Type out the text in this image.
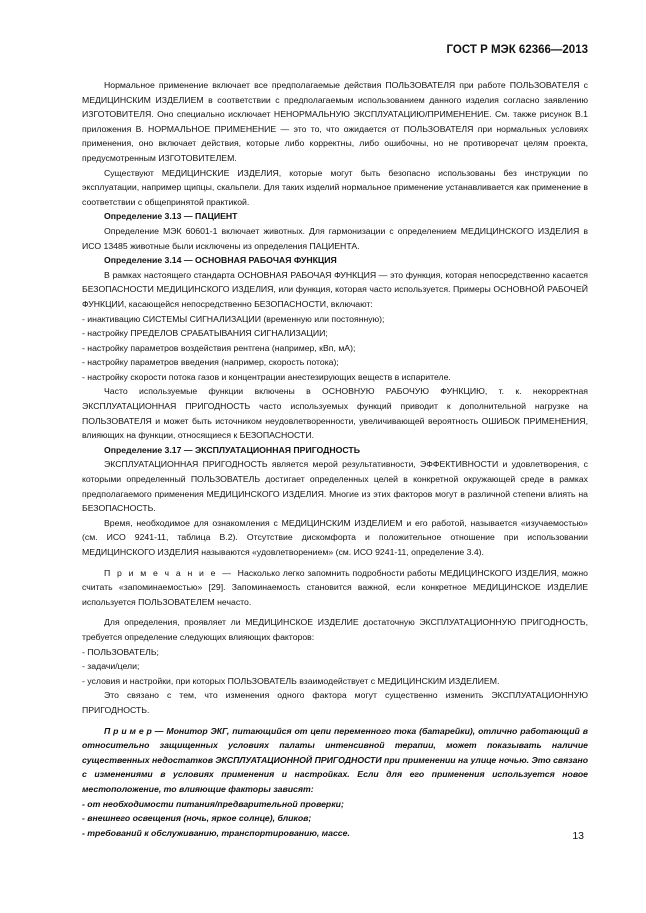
ГОСТ Р МЭК 62366—2013

Нормальное применение включает все предполагаемые действия ПОЛЬЗОВАТЕЛЯ при работе ПОЛЬЗОВАТЕЛЯ с МЕДИЦИНСКИМ ИЗДЕЛИЕМ в соответствии с предполагаемым использованием данного изделия согласно заявлению ИЗГОТОВИТЕЛЯ. Оно специально исключает НЕНОРМАЛЬНУЮ ЭКСПЛУАТАЦИЮ/ПРИМЕНЕНИЕ. См. также рисунок В.1 приложения В. НОРМАЛЬНОЕ ПРИМЕНЕНИЕ — это то, что ожидается от ПОЛЬЗОВАТЕЛЯ при нормальных условиях применения, оно включает действия, которые либо корректны, либо ошибочны, но не противоречат целям проекта, предусмотренным ИЗГОТОВИТЕЛЕМ.

Существуют МЕДИЦИНСКИЕ ИЗДЕЛИЯ, которые могут быть безопасно использованы без инструкции по эксплуатации, например щипцы, скальпели. Для таких изделий нормальное применение устанавливается как применение в соответствии с общепринятой практикой.

Определение 3.13 — ПАЦИЕНТ

Определение МЭК 60601-1 включает животных. Для гармонизации с определением МЕДИЦИНСКОГО ИЗДЕЛИЯ в ИСО 13485 животные были исключены из определения ПАЦИЕНТА.

Определение 3.14 — ОСНОВНАЯ РАБОЧАЯ ФУНКЦИЯ

В рамках настоящего стандарта ОСНОВНАЯ РАБОЧАЯ ФУНКЦИЯ — это функция, которая непосредственно касается БЕЗОПАСНОСТИ МЕДИЦИНСКОГО ИЗДЕЛИЯ, или функция, которая часто используется. Примеры ОСНОВНОЙ РАБОЧЕЙ ФУНКЦИИ, касающейся непосредственно БЕЗОПАСНОСТИ, включают:

- инактивацию СИСТЕМЫ СИГНАЛИЗАЦИИ (временную или постоянную);

- настройку ПРЕДЕЛОВ СРАБАТЫВАНИЯ СИГНАЛИЗАЦИИ;

- настройку параметров воздействия рентгена (например, кВп, мА);

- настройку параметров введения (например, скорость потока);

- настройку скорости потока газов и концентрации анестезирующих веществ в испарителе.

Часто используемые функции включены в ОСНОВНУЮ РАБОЧУЮ ФУНКЦИЮ, т. к. некорректная ЭКСПЛУАТАЦИОННАЯ ПРИГОДНОСТЬ часто используемых функций приводит к дополнительной нагрузке на ПОЛЬЗОВАТЕЛЯ и может быть источником неудовлетворенности, увеличивающей вероятность ОШИБОК ПРИМЕНЕНИЯ, влияющих на функции, относящиеся к БЕЗОПАСНОСТИ.

Определение 3.17 — ЭКСПЛУАТАЦИОННАЯ ПРИГОДНОСТЬ

ЭКСПЛУАТАЦИОННАЯ ПРИГОДНОСТЬ является мерой результативности, ЭФФЕКТИВНОСТИ и удовлетворения, с которыми определенный ПОЛЬЗОВАТЕЛЬ достигает определенных целей в конкретной окружающей среде в рамках предполагаемого применения МЕДИЦИНСКОГО ИЗДЕЛИЯ. Многие из этих факторов могут в различной степени влиять на БЕЗОПАСНОСТЬ.

Время, необходимое для ознакомления с МЕДИЦИНСКИМ ИЗДЕЛИЕМ и его работой, называется «изучаемостью» (см. ИСО 9241-11, таблица В.2). Отсутствие дискомфорта и положительное отношение при использовании МЕДИЦИНСКОГО ИЗДЕЛИЯ называются «удовлетворением» (см. ИСО 9241-11, определение 3.4).

П р и м е ч а н и е — Насколько легко запомнить подробности работы МЕДИЦИНСКОГО ИЗДЕЛИЯ, можно считать «запоминаемостью» [29]. Запоминаемость становится важной, если конкретное МЕДИЦИНСКОЕ ИЗДЕЛИЕ используется ПОЛЬЗОВАТЕЛЕМ нечасто.

Для определения, проявляет ли МЕДИЦИНСКОЕ ИЗДЕЛИЕ достаточную ЭКСПЛУАТАЦИОННУЮ ПРИГОДНОСТЬ, требуется определение следующих влияющих факторов:

- ПОЛЬЗОВАТЕЛЬ;

- задачи/цели;

- условия и настройки, при которых ПОЛЬЗОВАТЕЛЬ взаимодействует с МЕДИЦИНСКИМ ИЗДЕЛИЕМ.

Это связано с тем, что изменения одного фактора могут существенно изменить ЭКСПЛУАТАЦИОННУЮ ПРИГОДНОСТЬ.

П р и м е р — Монитор ЭКГ, питающийся от цепи переменного тока (батарейки), отлично работающий в относительно защищенных условиях палаты интенсивной терапии, может показывать наличие существенных недостатков ЭКСПЛУАТАЦИОННОЙ ПРИГОДНОСТИ при применении на улице ночью. Это связано с изменениями в условиях применения и настройках. Если для его применения используется новое местоположение, то влияющие факторы зависят:

- от необходимости питания/предварительной проверки;

- внешнего освещения (ночь, яркое солнце), бликов;

- требований к обслуживанию, транспортированию, массе.	13
